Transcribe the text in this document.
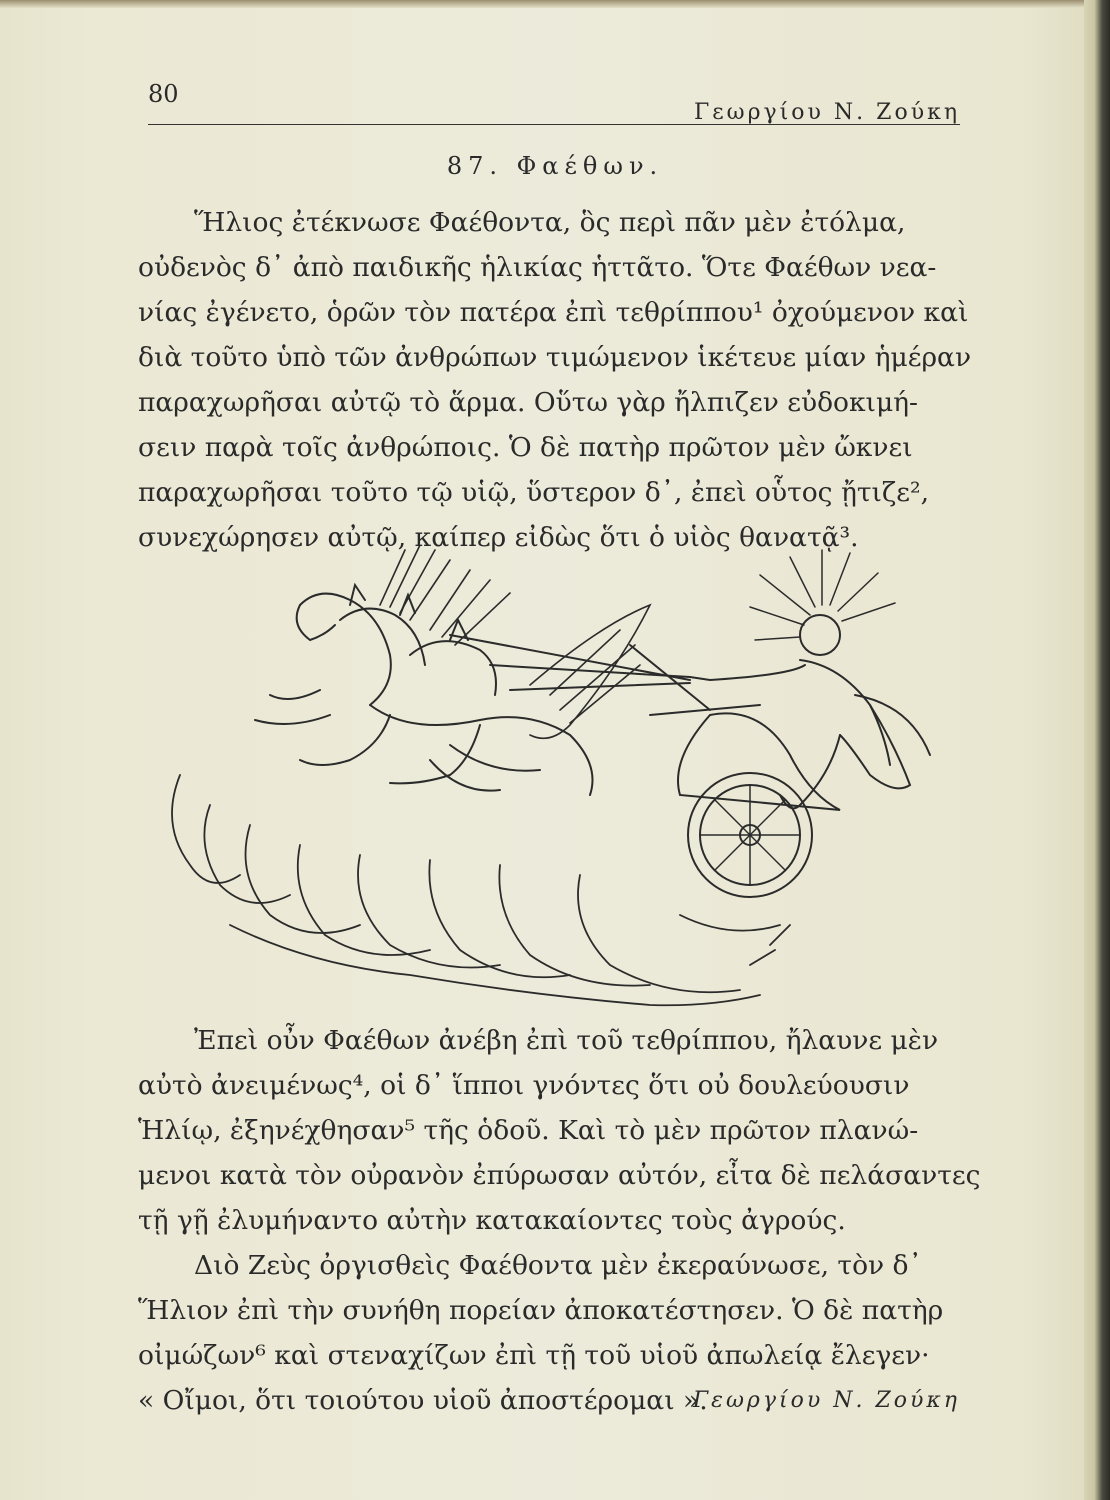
80
Γεωργίου Ν. Ζούκη
87. Φαέθων.
Ἥλιος ἐτέκνωσε Φαέθοντα, ὃς περὶ πᾶν μὲν ἐτόλμα,
οὐδενὸς δ᾿ ἀπὸ παιδικῆς ἡλικίας ἡττᾶτο. Ὅτε Φαέθων νεα-
νίας ἐγένετο, ὁρῶν τὸν πατέρα ἐπὶ τεθρίππου¹ ὀχούμενον καὶ
διὰ τοῦτο ὑπὸ τῶν ἀνθρώπων τιμώμενον ἱκέτευε μίαν ἡμέραν
παραχωρῆσαι αὐτῷ τὸ ἅρμα. Οὕτω γὰρ ἤλπιζεν εὐδοκιμή-
σειν παρὰ τοῖς ἀνθρώποις. Ὁ δὲ πατὴρ πρῶτον μὲν ὤκνει
παραχωρῆσαι τοῦτο τῷ υἱῷ, ὕστερον δ᾿, ἐπεὶ οὗτος ᾔτιζε²,
συνεχώρησεν αὐτῷ, καίπερ εἰδὼς ὅτι ὁ υἱὸς θανατᾷ³.
Ἐπεὶ οὖν Φαέθων ἀνέβη ἐπὶ τοῦ τεθρίππου, ἤλαυνε μὲν
αὐτὸ ἀνειμένως⁴, οἱ δ᾿ ἵπποι γνόντες ὅτι οὐ δουλεύουσιν
Ἡλίῳ, ἐξηνέχθησαν⁵ τῆς ὁδοῦ. Καὶ τὸ μὲν πρῶτον πλανώ-
μενοι κατὰ τὸν οὐρανὸν ἐπύρωσαν αὐτόν, εἶτα δὲ πελάσαντες
τῇ γῇ ἐλυμήναντο αὐτὴν κατακαίοντες τοὺς ἀγρούς.
Διὸ Ζεὺς ὀργισθεὶς Φαέθοντα μὲν ἐκεραύνωσε, τὸν δ᾿
Ἥλιον ἐπὶ τὴν συνήθη πορείαν ἀποκατέστησεν. Ὁ δὲ πατὴρ
οἰμώζων⁶ καὶ στεναχίζων ἐπὶ τῇ τοῦ υἱοῦ ἀπωλείᾳ ἔλεγεν·
« Οἴμοι, ὅτι τοιούτου υἱοῦ ἀποστέρομαι ».
Γεωργίου Ν. Ζούκη
